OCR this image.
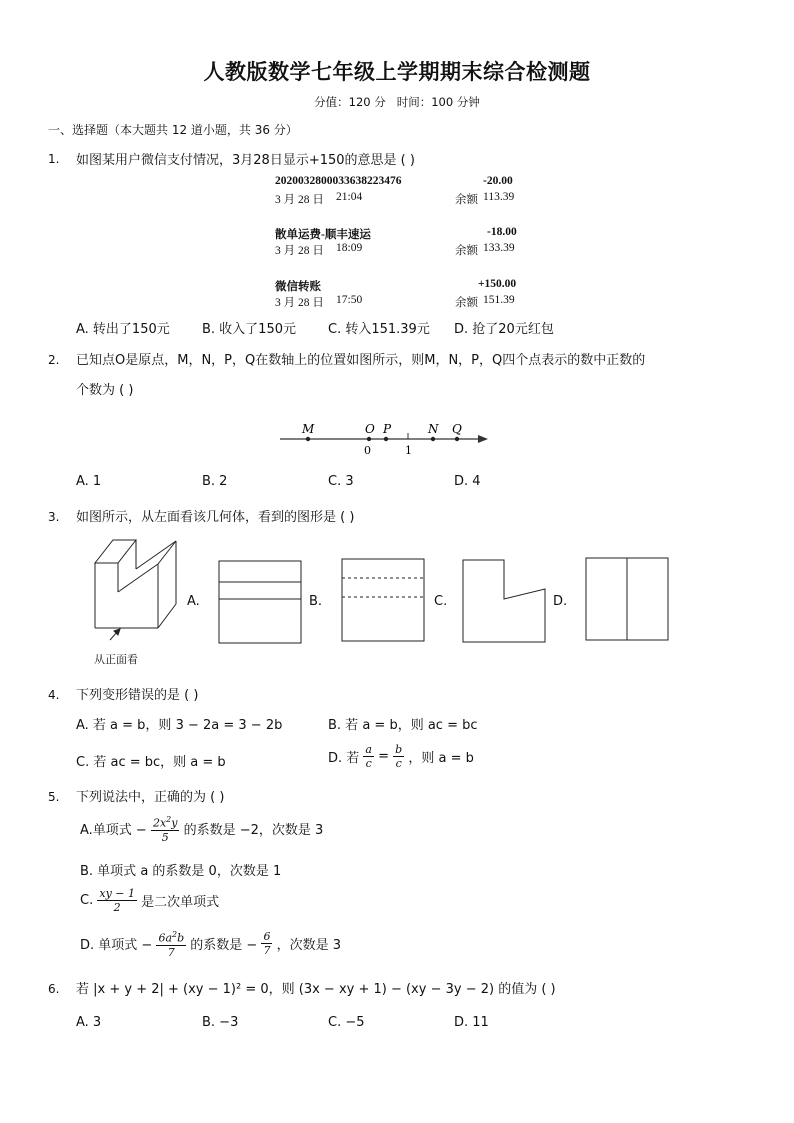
人教版数学七年级上学期期末综合检测题
分值：120 分 时间：100 分钟
一、选择题（本大题共 12 道小题，共 36 分）
1. 如图某用户微信支付情况，3月28日显示+150的意思是 ( )
20200328000336382234​76	-20.00
3 月 28 日 21:04	余额 113.39
散单运费-顺丰速运	-18.00
3 月 28 日 18:09	余额 133.39
微信转账	+150.00
3 月 28 日 17:50	余额 151.39
A. 转出了150元 B. 收入了150元 C. 转入151.39元 D. 抢了20元红包
2. 已知点O是原点，M，N，P，Q在数轴上的位置如图所示，则M，N，P，Q四个点表示的数中正数的
个数为 ( )
M	O P	N Q
0	1
A. 1	B. 2	C. 3	D. 4
3. 如图所示，从左面看该几何体，看到的图形是 ( )
从正面看
A.	B.	C.	D.
4. 下列变形错误的是 ( )
A. 若 a = b，则 3 − 2a = 3 − 2b	B. 若 a = b，则 ac = bc
C. 若 ac = bc，则 a = b	D. 若 $\frac{a}{c} = \frac{b}{c}$ ，则 a = b
5. 下列说法中，正确的为 ( )
A.单项式 − $\frac{2x^2y}{5}$ 的系数是 −2，次数是 3
B. 单项式 a 的系数是 0，次数是 1
C. $\frac{xy - 1}{2}$ 是二次单项式
D. 单项式 − $\frac{6a^2b}{7}$ 的系数是 − $\frac{6}{7}$ ，次数是 3
6. 若 |x + y + 2| + (xy − 1)² = 0，则 (3x − xy + 1) − (xy − 3y − 2) 的值为 ( )
A. 3	B. −3	C. −5	D. 11
